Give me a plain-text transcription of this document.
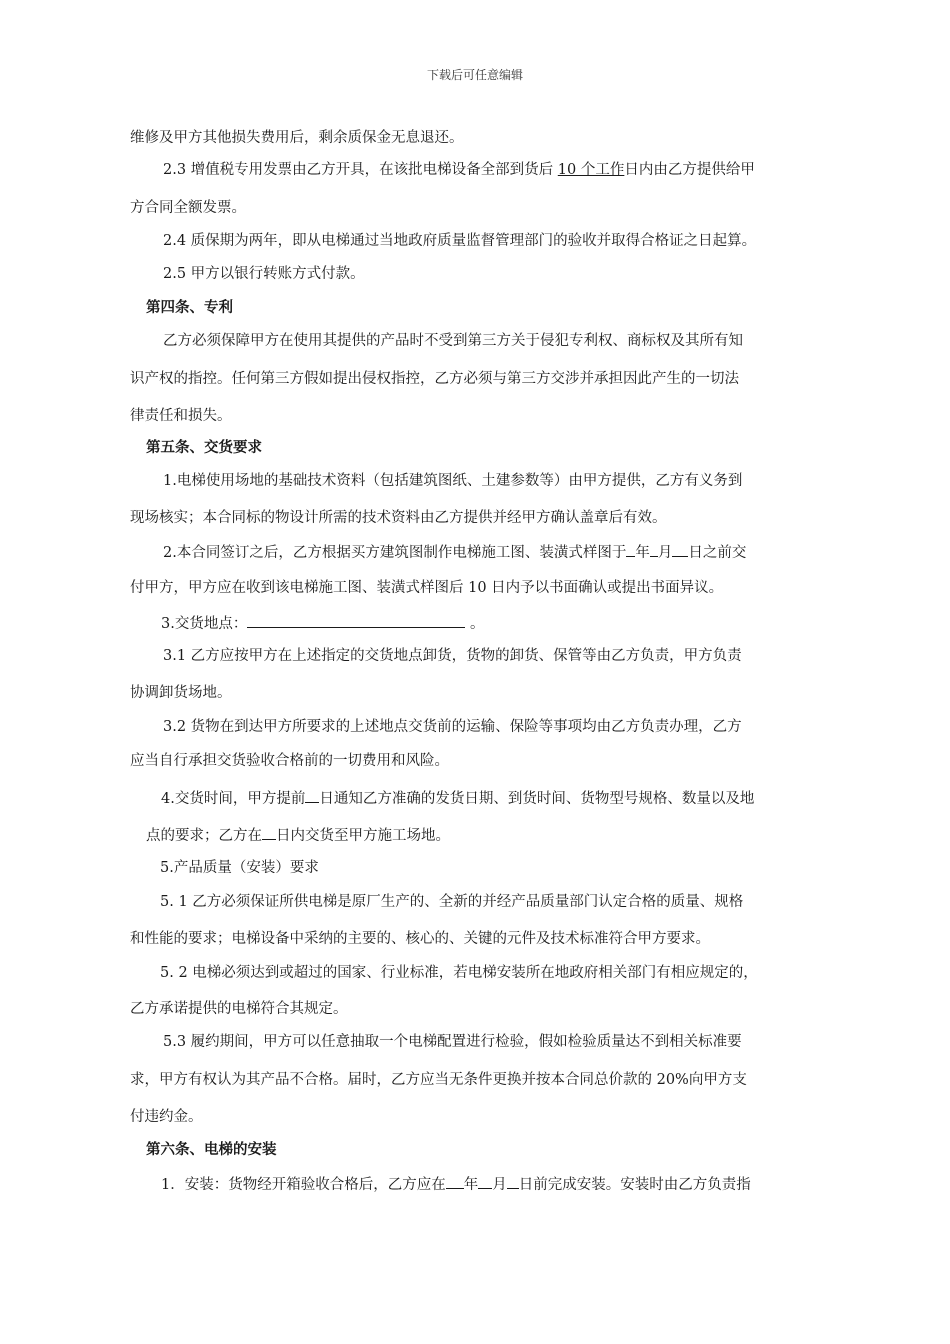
下载后可任意编辑
维修及甲方其他损失费用后，剩余质保金无息退还。
2.3 增值税专用发票由乙方开具，在该批电梯设备全部到货后 10 个工作日内由乙方提供给甲
方合同全额发票。
2.4 质保期为两年，即从电梯通过当地政府质量监督管理部门的验收并取得合格证之日起算。
2.5 甲方以银行转账方式付款。
第四条、专利
乙方必须保障甲方在使用其提供的产品时不受到第三方关于侵犯专利权、商标权及其所有知
识产权的指控。任何第三方假如提出侵权指控，乙方必须与第三方交涉并承担因此产生的一切法
律责任和损失。
第五条、交货要求
1.电梯使用场地的基础技术资料（包括建筑图纸、土建参数等）由甲方提供，乙方有义务到
现场核实；本合同标的物设计所需的技术资料由乙方提供并经甲方确认盖章后有效。
2.本合同签订之后，乙方根据买方建筑图制作电梯施工图、装潢式样图于 年 月 日之前交
付甲方，甲方应在收到该电梯施工图、装潢式样图后 10 日内予以书面确认或提出书面异议。
3.交货地点：	。
3.1 乙方应按甲方在上述指定的交货地点卸货，货物的卸货、保管等由乙方负责，甲方负责
协调卸货场地。
3.2 货物在到达甲方所要求的上述地点交货前的运输、保险等事项均由乙方负责办理，乙方
应当自行承担交货验收合格前的一切费用和风险。
4.交货时间，甲方提前 日通知乙方准确的发货日期、到货时间、货物型号规格、数量以及地
点的要求；乙方在 日内交货至甲方施工场地。
5.产品质量（安装）要求
5. 1 乙方必须保证所供电梯是原厂生产的、全新的并经产品质量部门认定合格的质量、规格
和性能的要求；电梯设备中采纳的主要的、核心的、关键的元件及技术标准符合甲方要求。
5. 2 电梯必须达到或超过的国家、行业标准，若电梯安装所在地政府相关部门有相应规定的，
乙方承诺提供的电梯符合其规定。
5.3 履约期间，甲方可以任意抽取一个电梯配置进行检验，假如检验质量达不到相关标准要
求，甲方有权认为其产品不合格。届时，乙方应当无条件更换并按本合同总价款的 20%向甲方支
付违约金。
第六条、电梯的安装
1．安装：货物经开箱验收合格后，乙方应在 年 月 日前完成安装。安装时由乙方负责指
